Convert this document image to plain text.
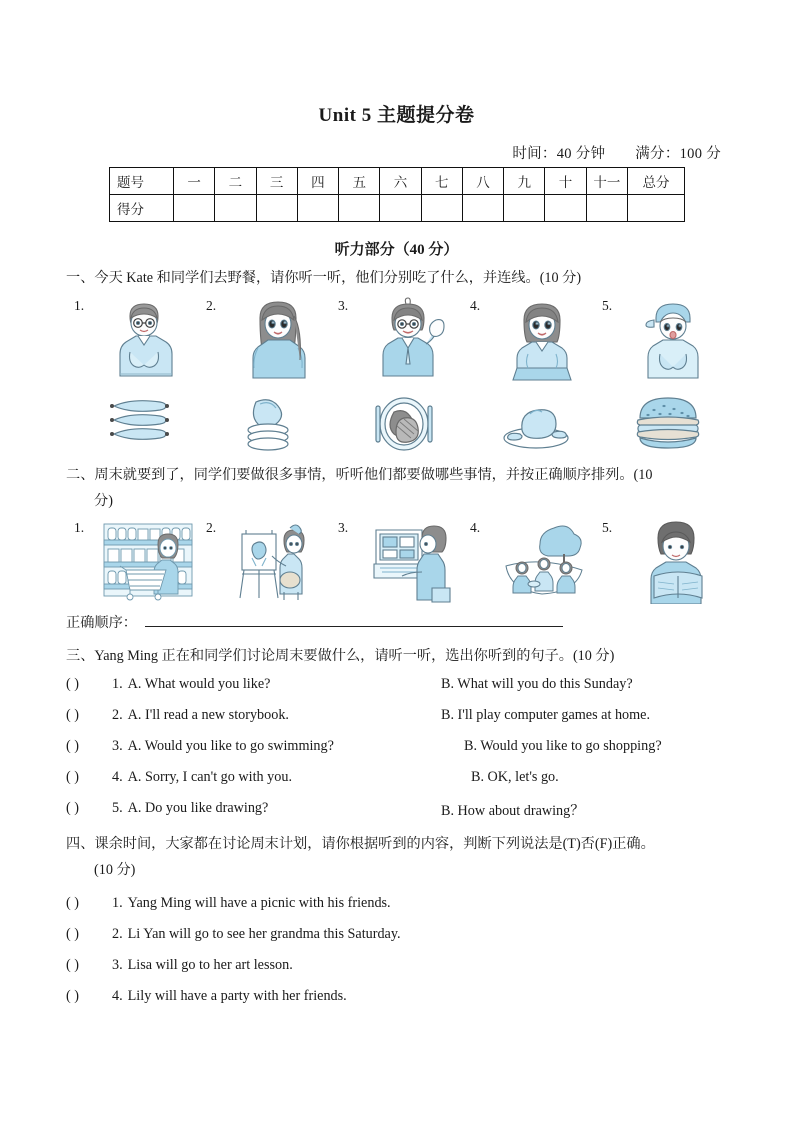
Unit 5 主题提分卷
时间：40 分钟 满分：100 分
题号	一	二	三	四	五	六	七	八	九	十	十一	总分
得分												
听力部分（40 分）
一、今天 Kate 和同学们去野餐，请你听一听，他们分别吃了什么，并连线。(10 分)
1.	2.	3.	4.	5.
二、周末就要到了，同学们要做很多事情，听听他们都要做哪些事情，并按正确顺序排列。(10
分)
1.	2.	3.	4.	5.
正确顺序：
三、Yang Ming 正在和同学们讨论周末要做什么，请听一听，选出你听到的句子。(10 分)
( ) 1. A. What would you like?	B. What will you do this Sunday?
( ) 2. A. I'll read a new storybook.	B. I'll play computer games at home.
( ) 3. A. Would you like to go swimming?	B. Would you like to go shopping?
( ) 4. A. Sorry, I can't go with you.	B. OK, let's go.
( ) 5. A. Do you like drawing?	B. How about drawing？
四、课余时间，大家都在讨论周末计划，请你根据听到的内容，判断下列说法是(T)否(F)正确。
(10 分)
( ) 1. Yang Ming will have a picnic with his friends.
( ) 2. Li Yan will go to see her grandma this Saturday.
( ) 3. Lisa will go to her art lesson.
( ) 4. Lily will have a party with her friends.
